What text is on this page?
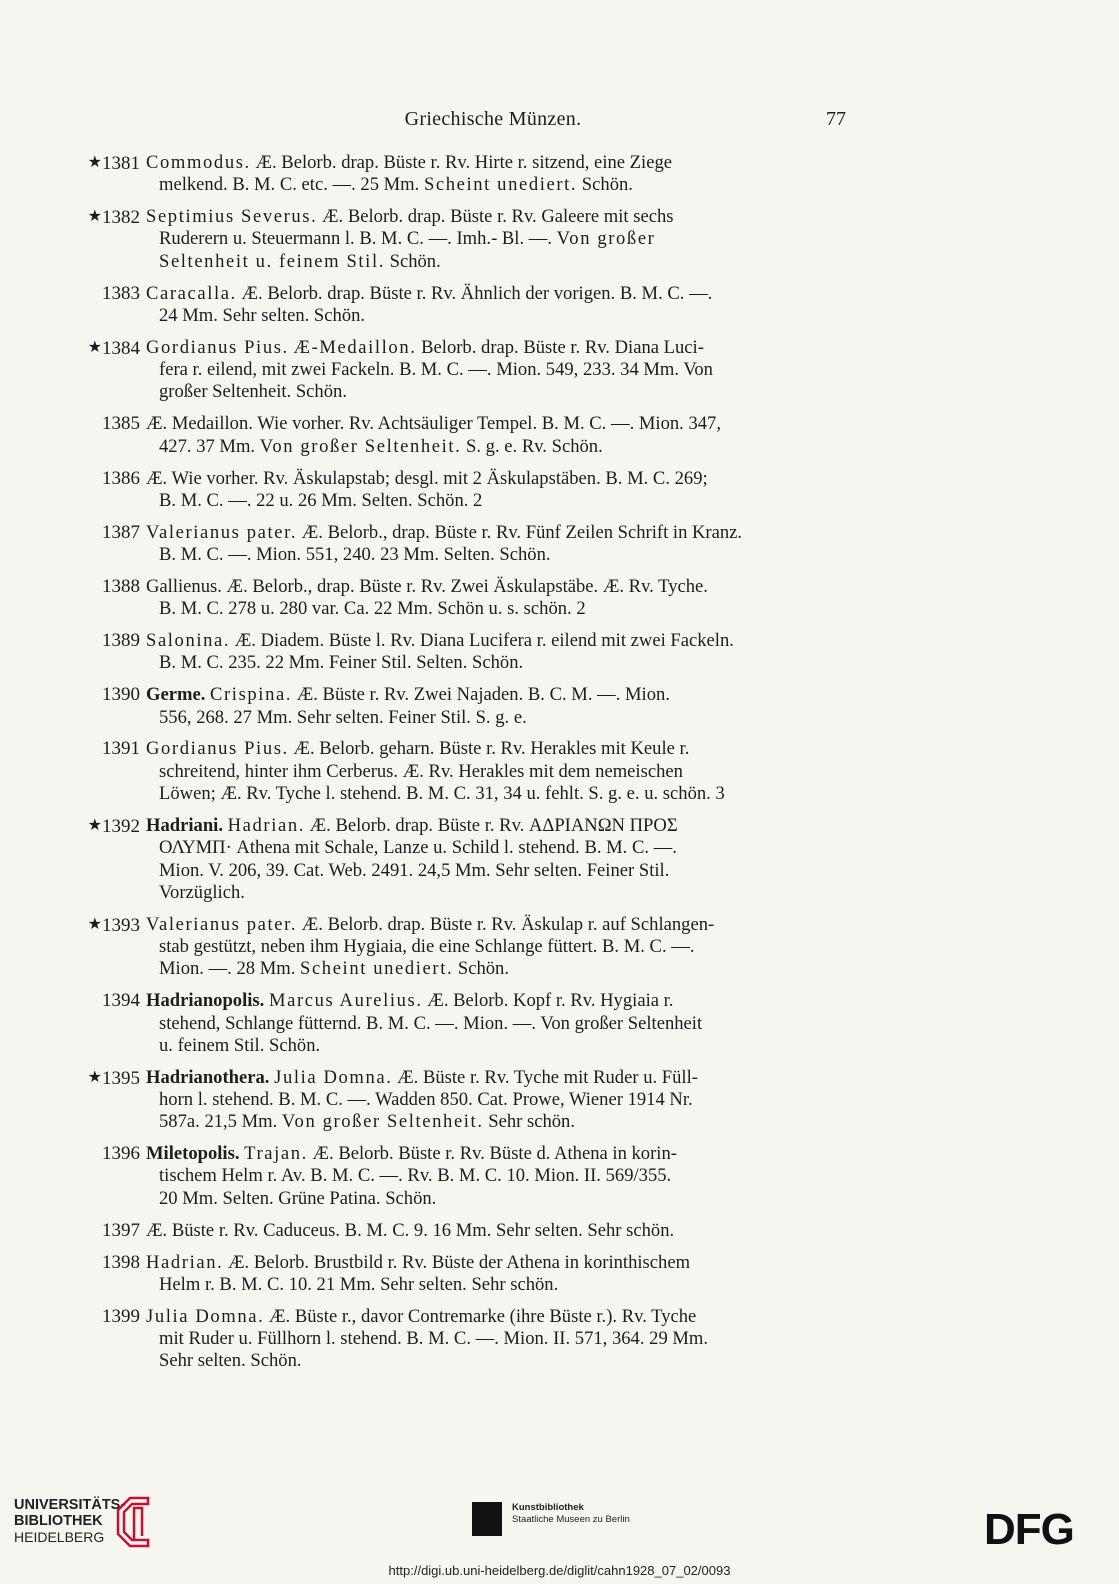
Griechische Münzen.	77
★1381 Commodus. Æ. Belorb. drap. Büste r. Rv. Hirte r. sitzend, eine Ziege
melkend. B. M. C. etc. —. 25 Mm. Scheint unediert. Schön.
★1382 Septimius Severus. Æ. Belorb. drap. Büste r. Rv. Galeere mit sechs
Ruderern u. Steuermann l. B. M. C. —. Imh.- Bl. —. Von großer
Seltenheit u. feinem Stil. Schön.
1383 Caracalla. Æ. Belorb. drap. Büste r. Rv. Ähnlich der vorigen. B. M. C. —.
24 Mm. Sehr selten. Schön.
★1384 Gordianus Pius. Æ-Medaillon. Belorb. drap. Büste r. Rv. Diana Luci-
fera r. eilend, mit zwei Fackeln. B. M. C. —. Mion. 549, 233. 34 Mm. Von
großer Seltenheit. Schön.
1385 Æ. Medaillon. Wie vorher. Rv. Achtsäuliger Tempel. B. M. C. —. Mion. 347,
427. 37 Mm. Von großer Seltenheit. S. g. e. Rv. Schön.
1386 Æ. Wie vorher. Rv. Äskulapstab; desgl. mit 2 Äskulapstäben. B. M. C. 269;
B. M. C. —. 22 u. 26 Mm. Selten. Schön. 2
1387 Valerianus pater. Æ. Belorb., drap. Büste r. Rv. Fünf Zeilen Schrift in Kranz.
B. M. C. —. Mion. 551, 240. 23 Mm. Selten. Schön.
1388 Gallienus. Æ. Belorb., drap. Büste r. Rv. Zwei Äskulapstäbe. Æ. Rv. Tyche.
B. M. C. 278 u. 280 var. Ca. 22 Mm. Schön u. s. schön. 2
1389 Salonina. Æ. Diadem. Büste l. Rv. Diana Lucifera r. eilend mit zwei Fackeln.
B. M. C. 235. 22 Mm. Feiner Stil. Selten. Schön.
1390 Germe. Crispina. Æ. Büste r. Rv. Zwei Najaden. B. C. M. —. Mion.
556, 268. 27 Mm. Sehr selten. Feiner Stil. S. g. e.
1391 Gordianus Pius. Æ. Belorb. geharn. Büste r. Rv. Herakles mit Keule r.
schreitend, hinter ihm Cerberus. Æ. Rv. Herakles mit dem nemeischen
Löwen; Æ. Rv. Tyche l. stehend. B. M. C. 31, 34 u. fehlt. S. g. e. u. schön. 3
★1392 Hadriani. Hadrian. Æ. Belorb. drap. Büste r. Rv. ΑΔΡΙΑΝΩΝ ΠΡΟΣ
ΟΛΥΜΠ· Athena mit Schale, Lanze u. Schild l. stehend. B. M. C. —.
Mion. V. 206, 39. Cat. Web. 2491. 24,5 Mm. Sehr selten. Feiner Stil.
Vorzüglich.
★1393 Valerianus pater. Æ. Belorb. drap. Büste r. Rv. Äskulap r. auf Schlangen-
stab gestützt, neben ihm Hygiaia, die eine Schlange füttert. B. M. C. —.
Mion. —. 28 Mm. Scheint unediert. Schön.
1394 Hadrianopolis. Marcus Aurelius. Æ. Belorb. Kopf r. Rv. Hygiaia r.
stehend, Schlange fütternd. B. M. C. —. Mion. —. Von großer Seltenheit
u. feinem Stil. Schön.
★1395 Hadrianothera. Julia Domna. Æ. Büste r. Rv. Tyche mit Ruder u. Füll-
horn l. stehend. B. M. C. —. Wadden 850. Cat. Prowe, Wiener 1914 Nr.
587a. 21,5 Mm. Von großer Seltenheit. Sehr schön.
1396 Miletopolis. Trajan. Æ. Belorb. Büste r. Rv. Büste d. Athena in korin-
tischem Helm r. Av. B. M. C. —. Rv. B. M. C. 10. Mion. II. 569/355.
20 Mm. Selten. Grüne Patina. Schön.
1397 Æ. Büste r. Rv. Caduceus. B. M. C. 9. 16 Mm. Sehr selten. Sehr schön.
1398 Hadrian. Æ. Belorb. Brustbild r. Rv. Büste der Athena in korinthischem
Helm r. B. M. C. 10. 21 Mm. Sehr selten. Sehr schön.
1399 Julia Domna. Æ. Büste r., davor Contremarke (ihre Büste r.). Rv. Tyche
mit Ruder u. Füllhorn l. stehend. B. M. C. —. Mion. II. 571, 364. 29 Mm.
Sehr selten. Schön.
UNIVERSITÄTS-
BIBLIOTHEK
HEIDELBERG
Kunstbibliothek
Staatliche Museen zu Berlin	DFG
http://digi.ub.uni-heidelberg.de/diglit/cahn1928_07_02/0093
